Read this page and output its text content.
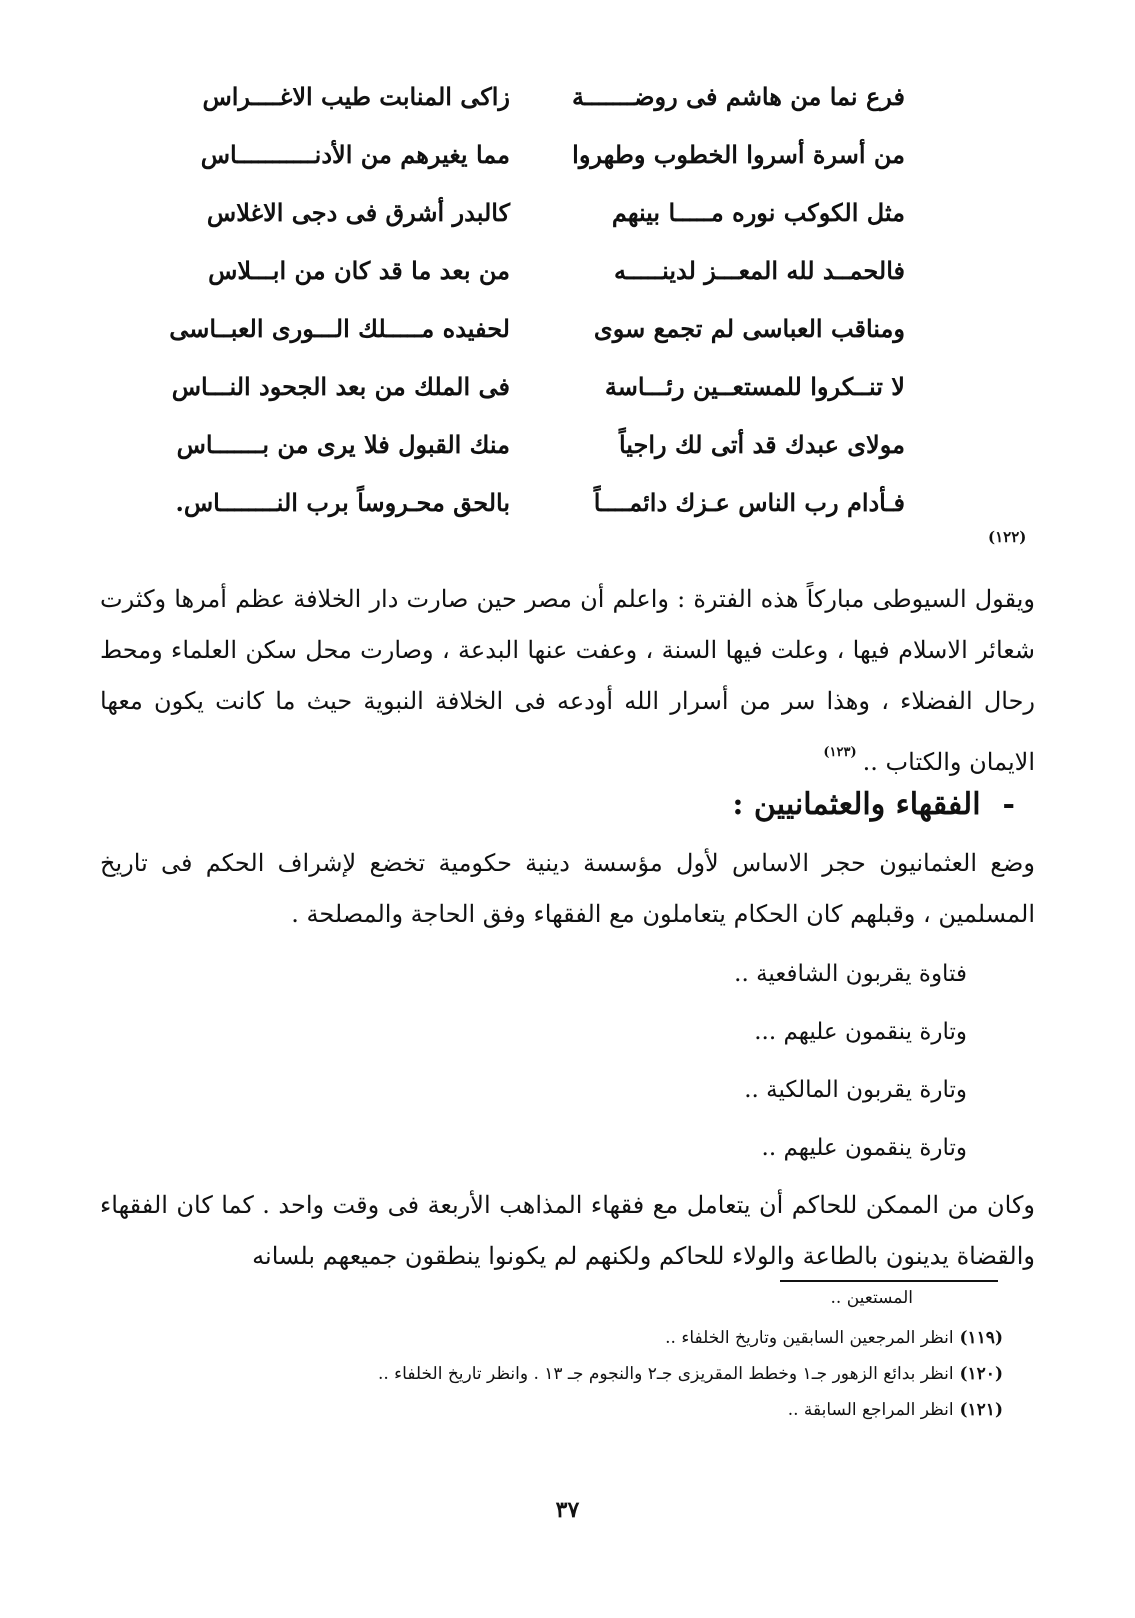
فرع نما من هاشم فى روضـــــــة
زاكى المنابت طيب الاغــــراس
من أسرة أسروا الخطوب وطهروا
مما يغيرهم من الأدنـــــــــــاس
مثل الكوكب نوره مـــــا بينهم
كالبدر أشرق فى دجى الاغلاس
فالحمــد لله المعـــز لدينـــــه
من بعد ما قد كان من ابـــلاس
ومناقب العباسى لم تجمع سوى
لحفيده مـــــلك الـــورى العبــاسى
لا تنــكروا للمستعــين رئـــاسة
فى الملك من بعد الجحود النـــاس
مولاى عبدك قد أتى لك راجياً
منك القبول فلا يرى من بـــــــاس
فـأدام رب الناس عـزك دائمــــاً
بالحق محـروساً برب النــــــــاس.
(١٢٢)
ويقول السيوطى مباركاً هذه الفترة : واعلم أن مصر حين صارت دار الخلافة عظم أمرها وكثرت شعائر الاسلام فيها ، وعلت فيها السنة ، وعفت عنها البدعة ، وصارت محل سكن العلماء ومحط رحال الفضلاء ، وهذا سر من أسرار الله أودعه فى الخلافة النبوية حيث ما كانت يكون معها الايمان والكتاب ..$^{(١٢٣)}$
-الفقهاء والعثمانيين :
وضع العثمانيون حجر الاساس لأول مؤسسة دينية حكومية تخضع لإشراف الحكم فى تاريخ المسلمين ، وقبلهم كان الحكام يتعاملون مع الفقهاء وفق الحاجة والمصلحة .
فتاوة يقربون الشافعية ..
وتارة ينقمون عليهم ...
وتارة يقربون المالكية ..
وتارة ينقمون عليهم ..
وكان من الممكن للحاكم أن يتعامل مع فقهاء المذاهب الأربعة فى وقت واحد . كما كان الفقهاء والقضاة يدينون بالطاعة والولاء للحاكم ولكنهم لم يكونوا ينطقون جميعهم بلسانه
المستعين ..
(١١٩) انظر المرجعين السابقين وتاريخ الخلفاء ..
(١٢٠) انظر بدائع الزهور جـ١ وخطط المقريزى جـ٢ والنجوم جـ ١٣ . وانظر تاريخ الخلفاء ..
(١٢١) انظر المراجع السابقة ..
٣٧
